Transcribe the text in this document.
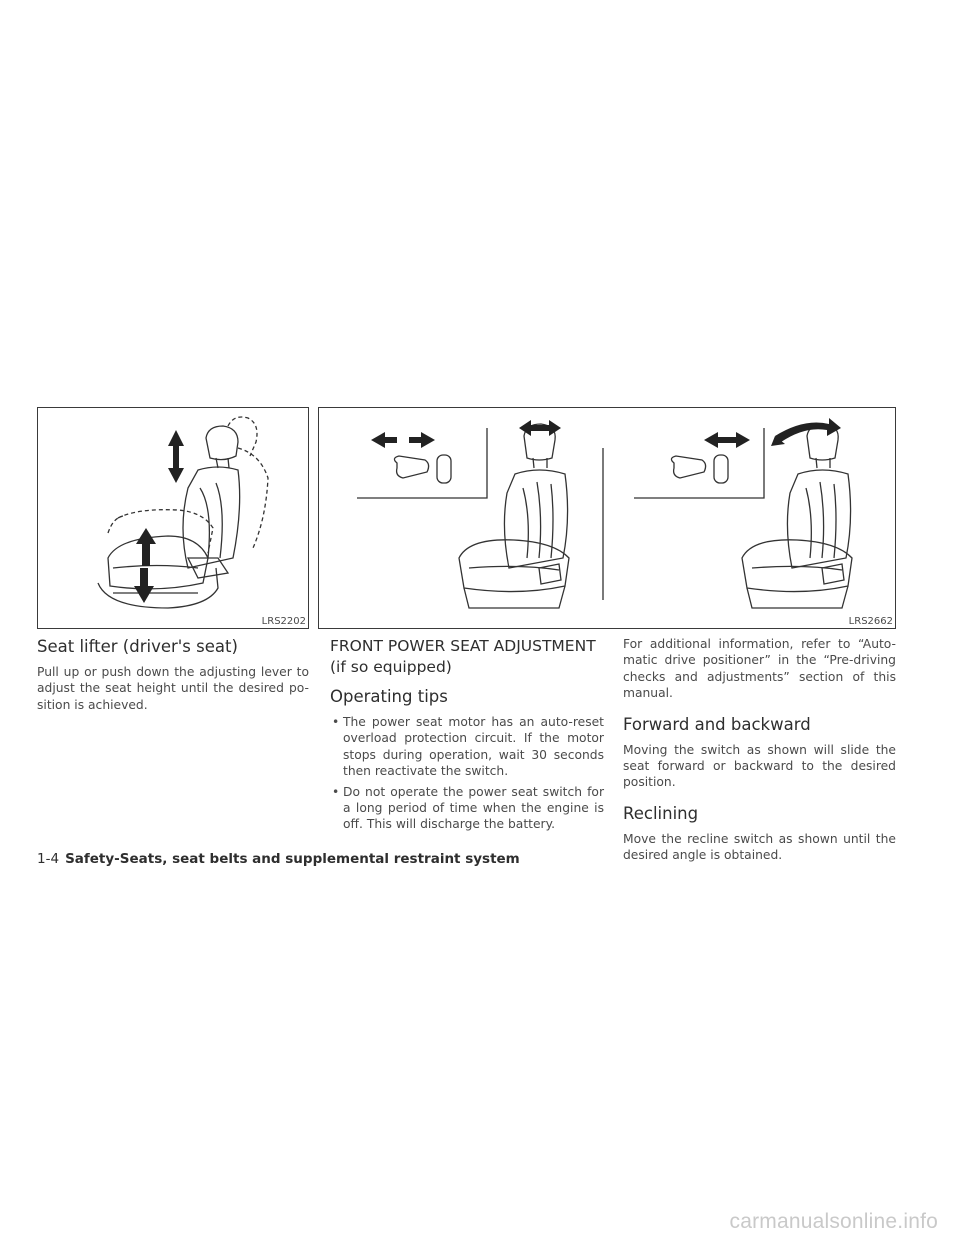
LRS2202	LRS2662
Seat lifter (driver's seat)

Pull up or push down the adjusting lever to adjust the seat height until the desired po-sition is achieved.

FRONT POWER SEAT ADJUSTMENT
(if so equipped)
Operating tips
• The power seat motor has an auto-reset overload protection circuit. If the motor stops during operation, wait 30 seconds then reactivate the switch.
• Do not operate the power seat switch for a long period of time when the engine is off. This will discharge the battery.

For additional information, refer to “Auto-matic drive positioner” in the “Pre-driving checks and adjustments” section of this manual.

Forward and backward

Moving the switch as shown will slide the seat forward or backward to the desired position.

Reclining

Move the recline switch as shown until the desired angle is obtained.

1-4 Safety-Seats, seat belts and supplemental restraint system
carmanualsonline.info
